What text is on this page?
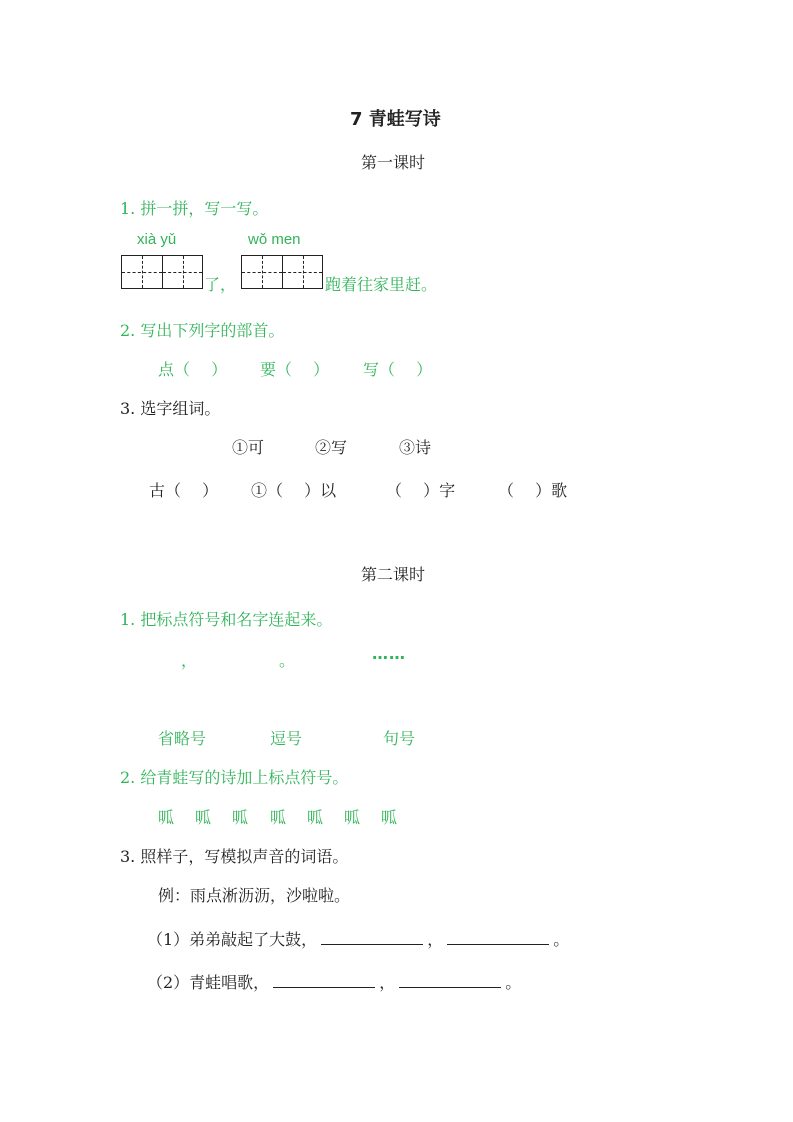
7 青蛙写诗
第一课时
1. 拼一拼，写一写。
xià yǔ	wǒ men
了，	跑着往家里赶。
2. 写出下列字的部首。
点（　 ） 要（　 ） 写（　 ）
3. 选字组词。
①可	②写	③诗
古（　 ） ①（　 ）以	（　 ）字	（　 ）歌
第二课时
1. 把标点符号和名字连起来。
，	。	……
省略号	逗号	句号
2. 给青蛙写的诗加上标点符号。
呱 呱 呱 呱 呱 呱 呱
3. 照样子，写模拟声音的词语。
例：雨点淅沥沥，沙啦啦。
（1）弟弟敲起了大鼓，	，	。
（2）青蛙唱歌，	，	。
